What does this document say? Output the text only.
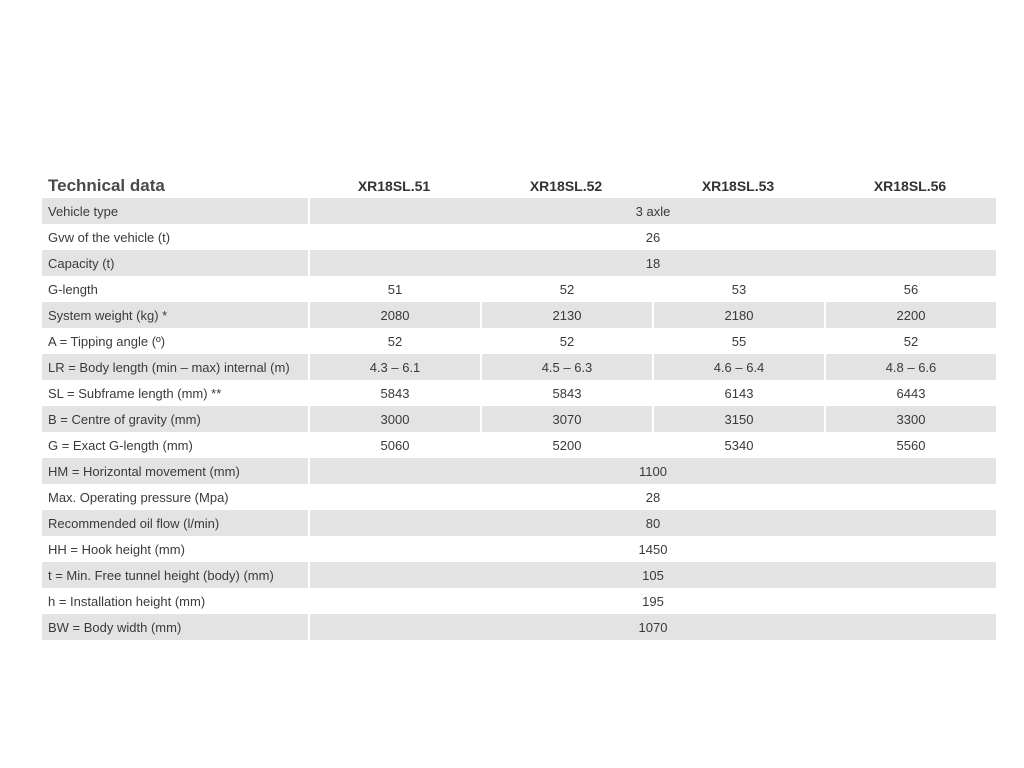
Technical data	XR18SL.51	XR18SL.52	XR18SL.53	XR18SL.56
Vehicle type	3 axle
Gvw of the vehicle (t)	26
Capacity (t)	18
G-length	51	52	53	56
System weight (kg) *	2080	2130	2180	2200
A = Tipping angle (º)	52	52	55	52
LR = Body length (min – max) internal (m)	4.3 – 6.1	4.5 – 6.3	4.6 – 6.4	4.8 – 6.6
SL = Subframe length (mm) **	5843	5843	6143	6443
B = Centre of gravity (mm)	3000	3070	3150	3300
G = Exact G-length (mm)	5060	5200	5340	5560
HM = Horizontal movement (mm)	1100
Max. Operating pressure (Mpa)	28
Recommended oil flow (l/min)	80
HH = Hook height (mm)	1450
t = Min. Free tunnel height (body) (mm)	105
h = Installation height (mm)	195
BW = Body width (mm)	1070
